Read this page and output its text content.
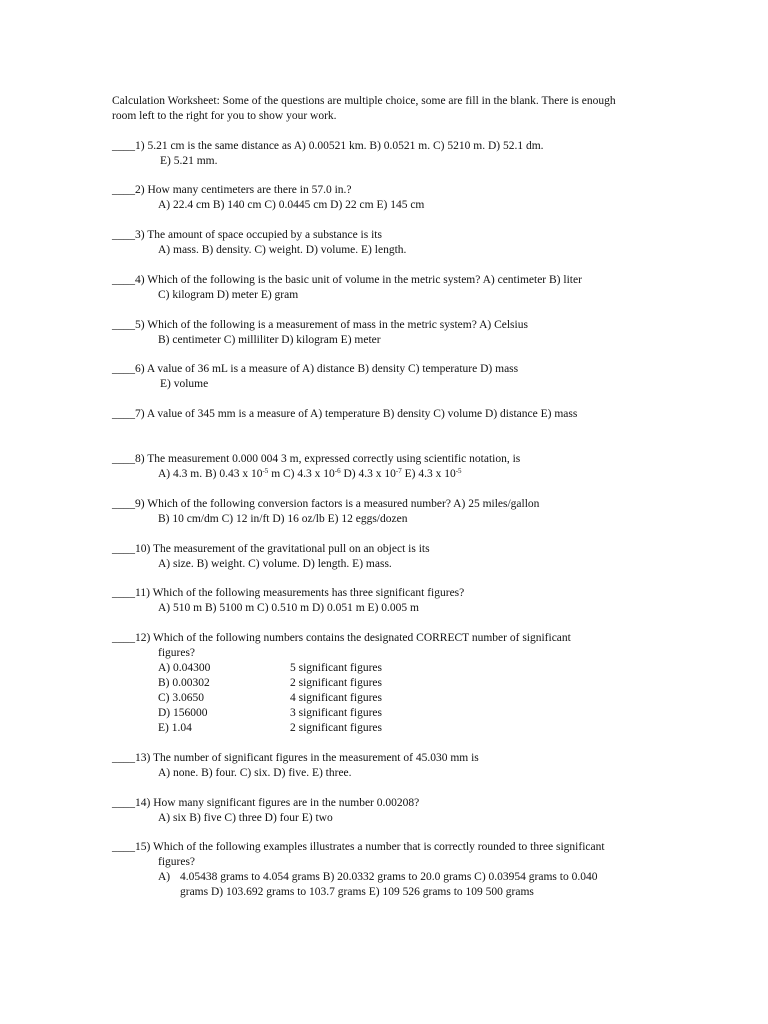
Calculation Worksheet: Some of the questions are multiple choice, some are fill in the blank. There is enough room left to the right for you to show your work.
____1) 5.21 cm is the same distance as A) 0.00521 km. B) 0.0521 m. C) 5210 m. D) 52.1 dm.
E) 5.21 mm.
____2) How many centimeters are there in 57.0 in.?
A) 22.4 cm B) 140 cm C) 0.0445 cm D) 22 cm E) 145 cm
____3) The amount of space occupied by a substance is its
A) mass. B) density. C) weight. D) volume. E) length.
____4) Which of the following is the basic unit of volume in the metric system? A) centimeter B) liter
C) kilogram D) meter E) gram
____5) Which of the following is a measurement of mass in the metric system? A) Celsius
B) centimeter C) milliliter D) kilogram E) meter
____6) A value of 36 mL is a measure of A) distance B) density C) temperature D) mass
E) volume
____7) A value of 345 mm is a measure of A) temperature B) density C) volume D) distance E) mass
____8) The measurement 0.000 004 3 m, expressed correctly using scientific notation, is
A) 4.3 m. B) 0.43 x $10^{-5}$ m C) 4.3 x $10^{-6}$ D) 4.3 x $10^{-7}$ E) 4.3 x $10^{-5}$
____9) Which of the following conversion factors is a measured number? A) 25 miles/gallon
B) 10 cm/dm C) 12 in/ft D) 16 oz/lb E) 12 eggs/dozen
____10) The measurement of the gravitational pull on an object is its
A) size. B) weight. C) volume. D) length. E) mass.
____11) Which of the following measurements has three significant figures?
A) 510 m B) 5100 m C) 0.510 m D) 0.051 m E) 0.005 m
____12) Which of the following numbers contains the designated CORRECT number of significant
figures?
A) 0.04300	5 significant figures
B) 0.00302	2 significant figures
C) 3.0650	4 significant figures
D) 156000	3 significant figures
E) 1.04	2 significant figures
____13) The number of significant figures in the measurement of 45.030 mm is
A) none. B) four. C) six. D) five. E) three.
____14) How many significant figures are in the number 0.00208?
A) six B) five C) three D) four E) two
____15) Which of the following examples illustrates a number that is correctly rounded to three significant
figures?
A) 4.05438 grams to 4.054 grams B) 20.0332 grams to 20.0 grams C) 0.03954 grams to 0.040
grams D) 103.692 grams to 103.7 grams E) 109 526 grams to 109 500 grams
